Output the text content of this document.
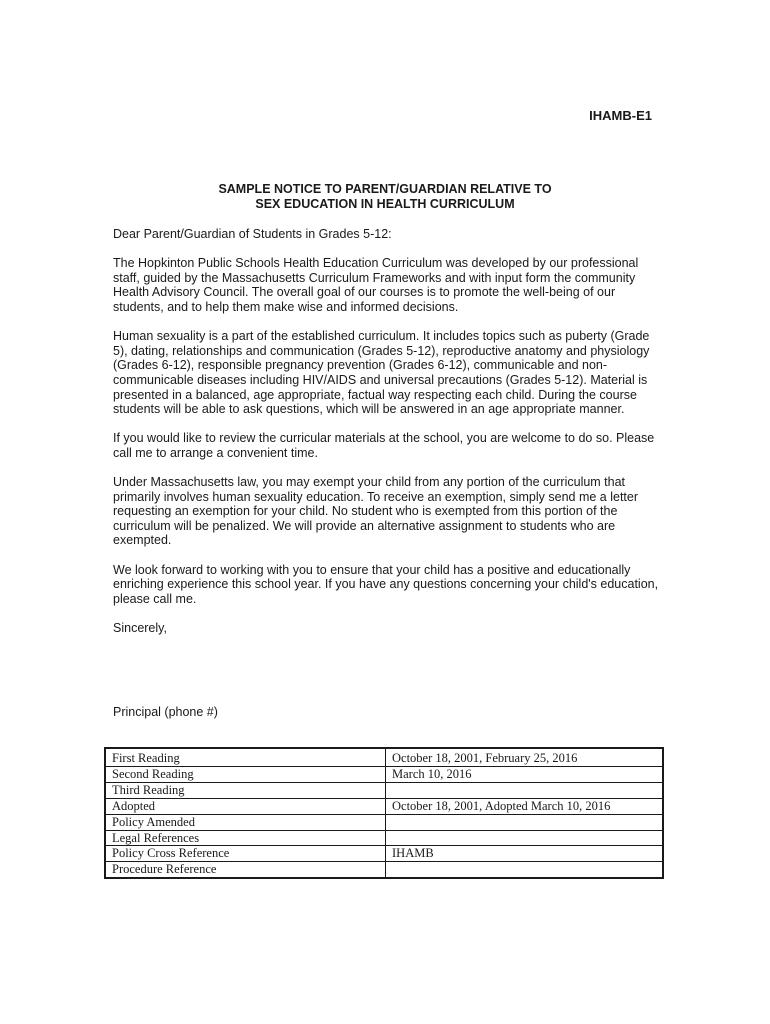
IHAMB-E1
SAMPLE NOTICE TO PARENT/GUARDIAN RELATIVE TO
SEX EDUCATION IN HEALTH CURRICULUM

Dear Parent/Guardian of Students in Grades 5-12:

The Hopkinton Public Schools Health Education Curriculum was developed by our professional staff, guided by the Massachusetts Curriculum Frameworks and with input form the community Health Advisory Council. The overall goal of our courses is to promote the well-being of our students, and to help them make wise and informed decisions.

Human sexuality is a part of the established curriculum. It includes topics such as puberty (Grade 5), dating, relationships and communication (Grades 5-12), reproductive anatomy and physiology (Grades 6-12), responsible pregnancy prevention (Grades 6-12), communicable and non-communicable diseases including HIV/AIDS and universal precautions (Grades 5-12). Material is presented in a balanced, age appropriate, factual way respecting each child. During the course students will be able to ask questions, which will be answered in an age appropriate manner.

If you would like to review the curricular materials at the school, you are welcome to do so. Please call me to arrange a convenient time.

Under Massachusetts law, you may exempt your child from any portion of the curriculum that primarily involves human sexuality education. To receive an exemption, simply send me a letter requesting an exemption for your child. No student who is exempted from this portion of the curriculum will be penalized. We will provide an alternative assignment to students who are exempted.

We look forward to working with you to ensure that your child has a positive and educationally enriching experience this school year. If you have any questions concerning your child's education, please call me.

Sincerely,

Principal (phone #)
First Reading	October 18, 2001, February 25, 2016
Second Reading	March 10, 2016
Third Reading	
Adopted	October 18, 2001, Adopted March 10, 2016
Policy Amended	
Legal References	
Policy Cross Reference	IHAMB
Procedure Reference	
